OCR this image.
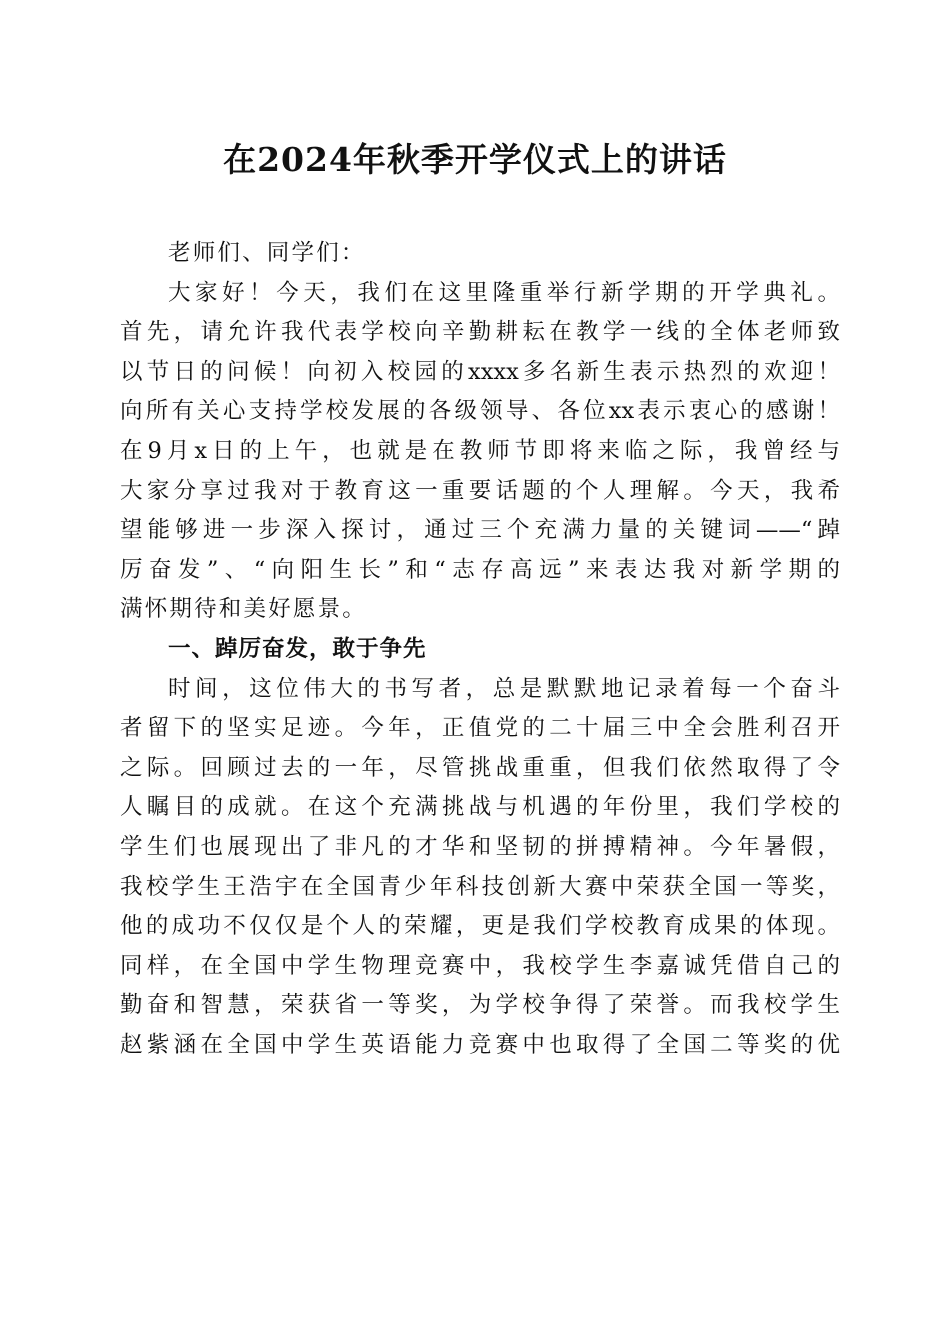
在2024年秋季开学仪式上的讲话
老师们、同学们：
大家好！今天，我们在这里隆重举行新学期的开学典礼。
首先，请允许我代表学校向辛勤耕耘在教学一线的全体老师致
以节日的问候！向初入校园的xxxx多名新生表示热烈的欢迎！
向所有关心支持学校发展的各级领导、各位xx表示衷心的感谢！
在9月x日的上午，也就是在教师节即将来临之际，我曾经与
大家分享过我对于教育这一重要话题的个人理解。今天，我希
望能够进一步深入探讨，通过三个充满力量的关键词——“踔
厉奋发”、“向阳生长”和“志存高远”来表达我对新学期的
满怀期待和美好愿景。
一、踔厉奋发，敢于争先
时间，这位伟大的书写者，总是默默地记录着每一个奋斗
者留下的坚实足迹。今年，正值党的二十届三中全会胜利召开
之际。回顾过去的一年，尽管挑战重重，但我们依然取得了令
人瞩目的成就。在这个充满挑战与机遇的年份里，我们学校的
学生们也展现出了非凡的才华和坚韧的拼搏精神。今年暑假，
我校学生王浩宇在全国青少年科技创新大赛中荣获全国一等奖，
他的成功不仅仅是个人的荣耀，更是我们学校教育成果的体现。
同样，在全国中学生物理竞赛中，我校学生李嘉诚凭借自己的
勤奋和智慧，荣获省一等奖，为学校争得了荣誉。而我校学生
赵紫涵在全国中学生英语能力竞赛中也取得了全国二等奖的优
